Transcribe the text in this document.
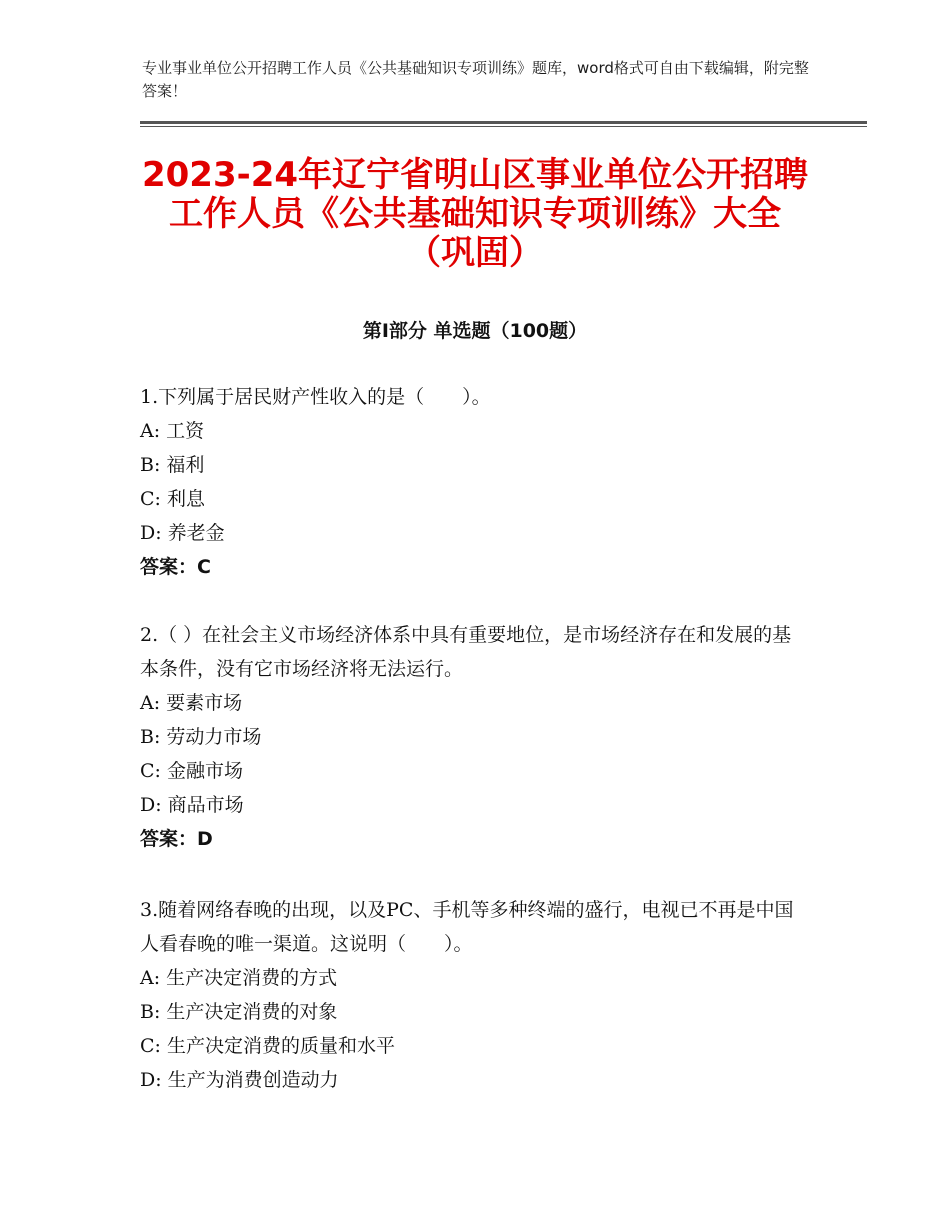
专业事业单位公开招聘工作人员《公共基础知识专项训练》题库，word格式可自由下载编辑，附完整答案！
2023-24年辽宁省明山区事业单位公开招聘工作人员《公共基础知识专项训练》大全（巩固）
第Ⅰ部分 单选题（100题）

1.下列属于居民财产性收入的是（　　）。

A: 工资

B: 福利

C: 利息

D: 养老金

答案：C

2.（ ）在社会主义市场经济体系中具有重要地位，是市场经济存在和发展的基本条件，没有它市场经济将无法运行。

A: 要素市场

B: 劳动力市场

C: 金融市场

D: 商品市场

答案：D

3.随着网络春晚的出现，以及PC、手机等多种终端的盛行，电视已不再是中国人看春晚的唯一渠道。这说明（　　）。

A: 生产决定消费的方式

B: 生产决定消费的对象

C: 生产决定消费的质量和水平

D: 生产为消费创造动力
